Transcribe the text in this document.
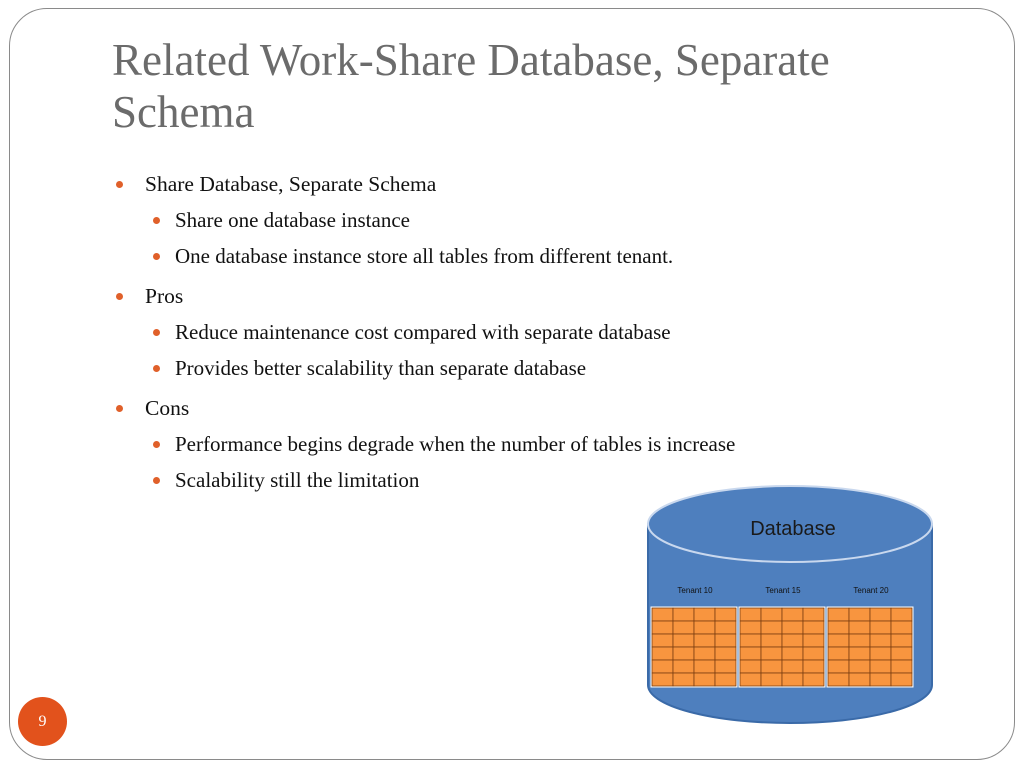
Related Work-Share Database, Separate Schema

Share Database, Separate Schema

Share one database instance

One database instance store all tables from different tenant.

Pros

Reduce maintenance cost compared with separate database

Provides better scalability than separate database

Cons

Performance begins degrade when the number of tables is increase

Scalability still the limitation

Database
Tenant 10	Tenant 15	Tenant 20
9
